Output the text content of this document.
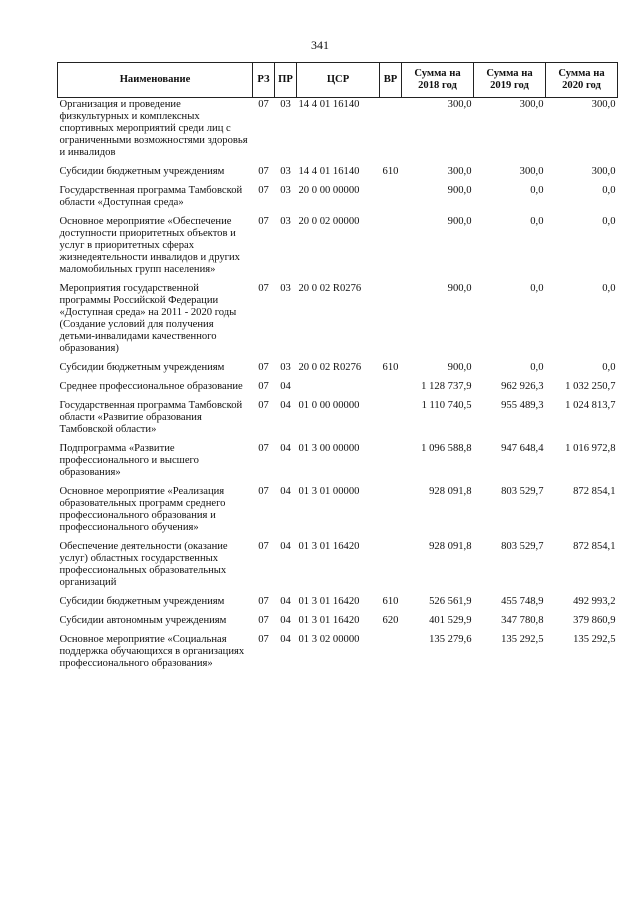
341
Наименование	РЗ	ПР	ЦСР	ВР	Сумма на 2018 год	Сумма на 2019 год	Сумма на 2020 год
Организация и проведение физкультурных и комплексных спортивных мероприятий среди лиц с ограниченными возможностями здоровья и инвалидов	07	03	14 4 01 16140		300,0	300,0	300,0
Субсидии бюджетным учреждениям	07	03	14 4 01 16140	610	300,0	300,0	300,0
Государственная программа Тамбовской области «Доступная среда»	07	03	20 0 00 00000		900,0	0,0	0,0
Основное мероприятие «Обеспечение доступности приоритетных объектов и услуг в приоритетных сферах жизнедеятельности инвалидов и других маломобильных групп населения»	07	03	20 0 02 00000		900,0	0,0	0,0
Мероприятия государственной программы Российской Федерации «Доступная среда» на 2011 - 2020 годы (Создание условий для получения детьми-инвалидами качественного образования)	07	03	20 0 02 R0276		900,0	0,0	0,0
Субсидии бюджетным учреждениям	07	03	20 0 02 R0276	610	900,0	0,0	0,0
Среднее профессиональное образование	07	04			1 128 737,9	962 926,3	1 032 250,7
Государственная программа Тамбовской области «Развитие образования Тамбовской области»	07	04	01 0 00 00000		1 110 740,5	955 489,3	1 024 813,7
Подпрограмма «Развитие профессионального и высшего образования»	07	04	01 3 00 00000		1 096 588,8	947 648,4	1 016 972,8
Основное мероприятие «Реализация образовательных программ среднего профессионального образования и профессионального обучения»	07	04	01 3 01 00000		928 091,8	803 529,7	872 854,1
Обеспечение деятельности (оказание услуг) областных государственных профессиональных образовательных организаций	07	04	01 3 01 16420		928 091,8	803 529,7	872 854,1
Субсидии бюджетным учреждениям	07	04	01 3 01 16420	610	526 561,9	455 748,9	492 993,2
Субсидии автономным учреждениям	07	04	01 3 01 16420	620	401 529,9	347 780,8	379 860,9
Основное мероприятие «Социальная поддержка обучающихся в организациях профессионального образования»	07	04	01 3 02 00000		135 279,6	135 292,5	135 292,5
